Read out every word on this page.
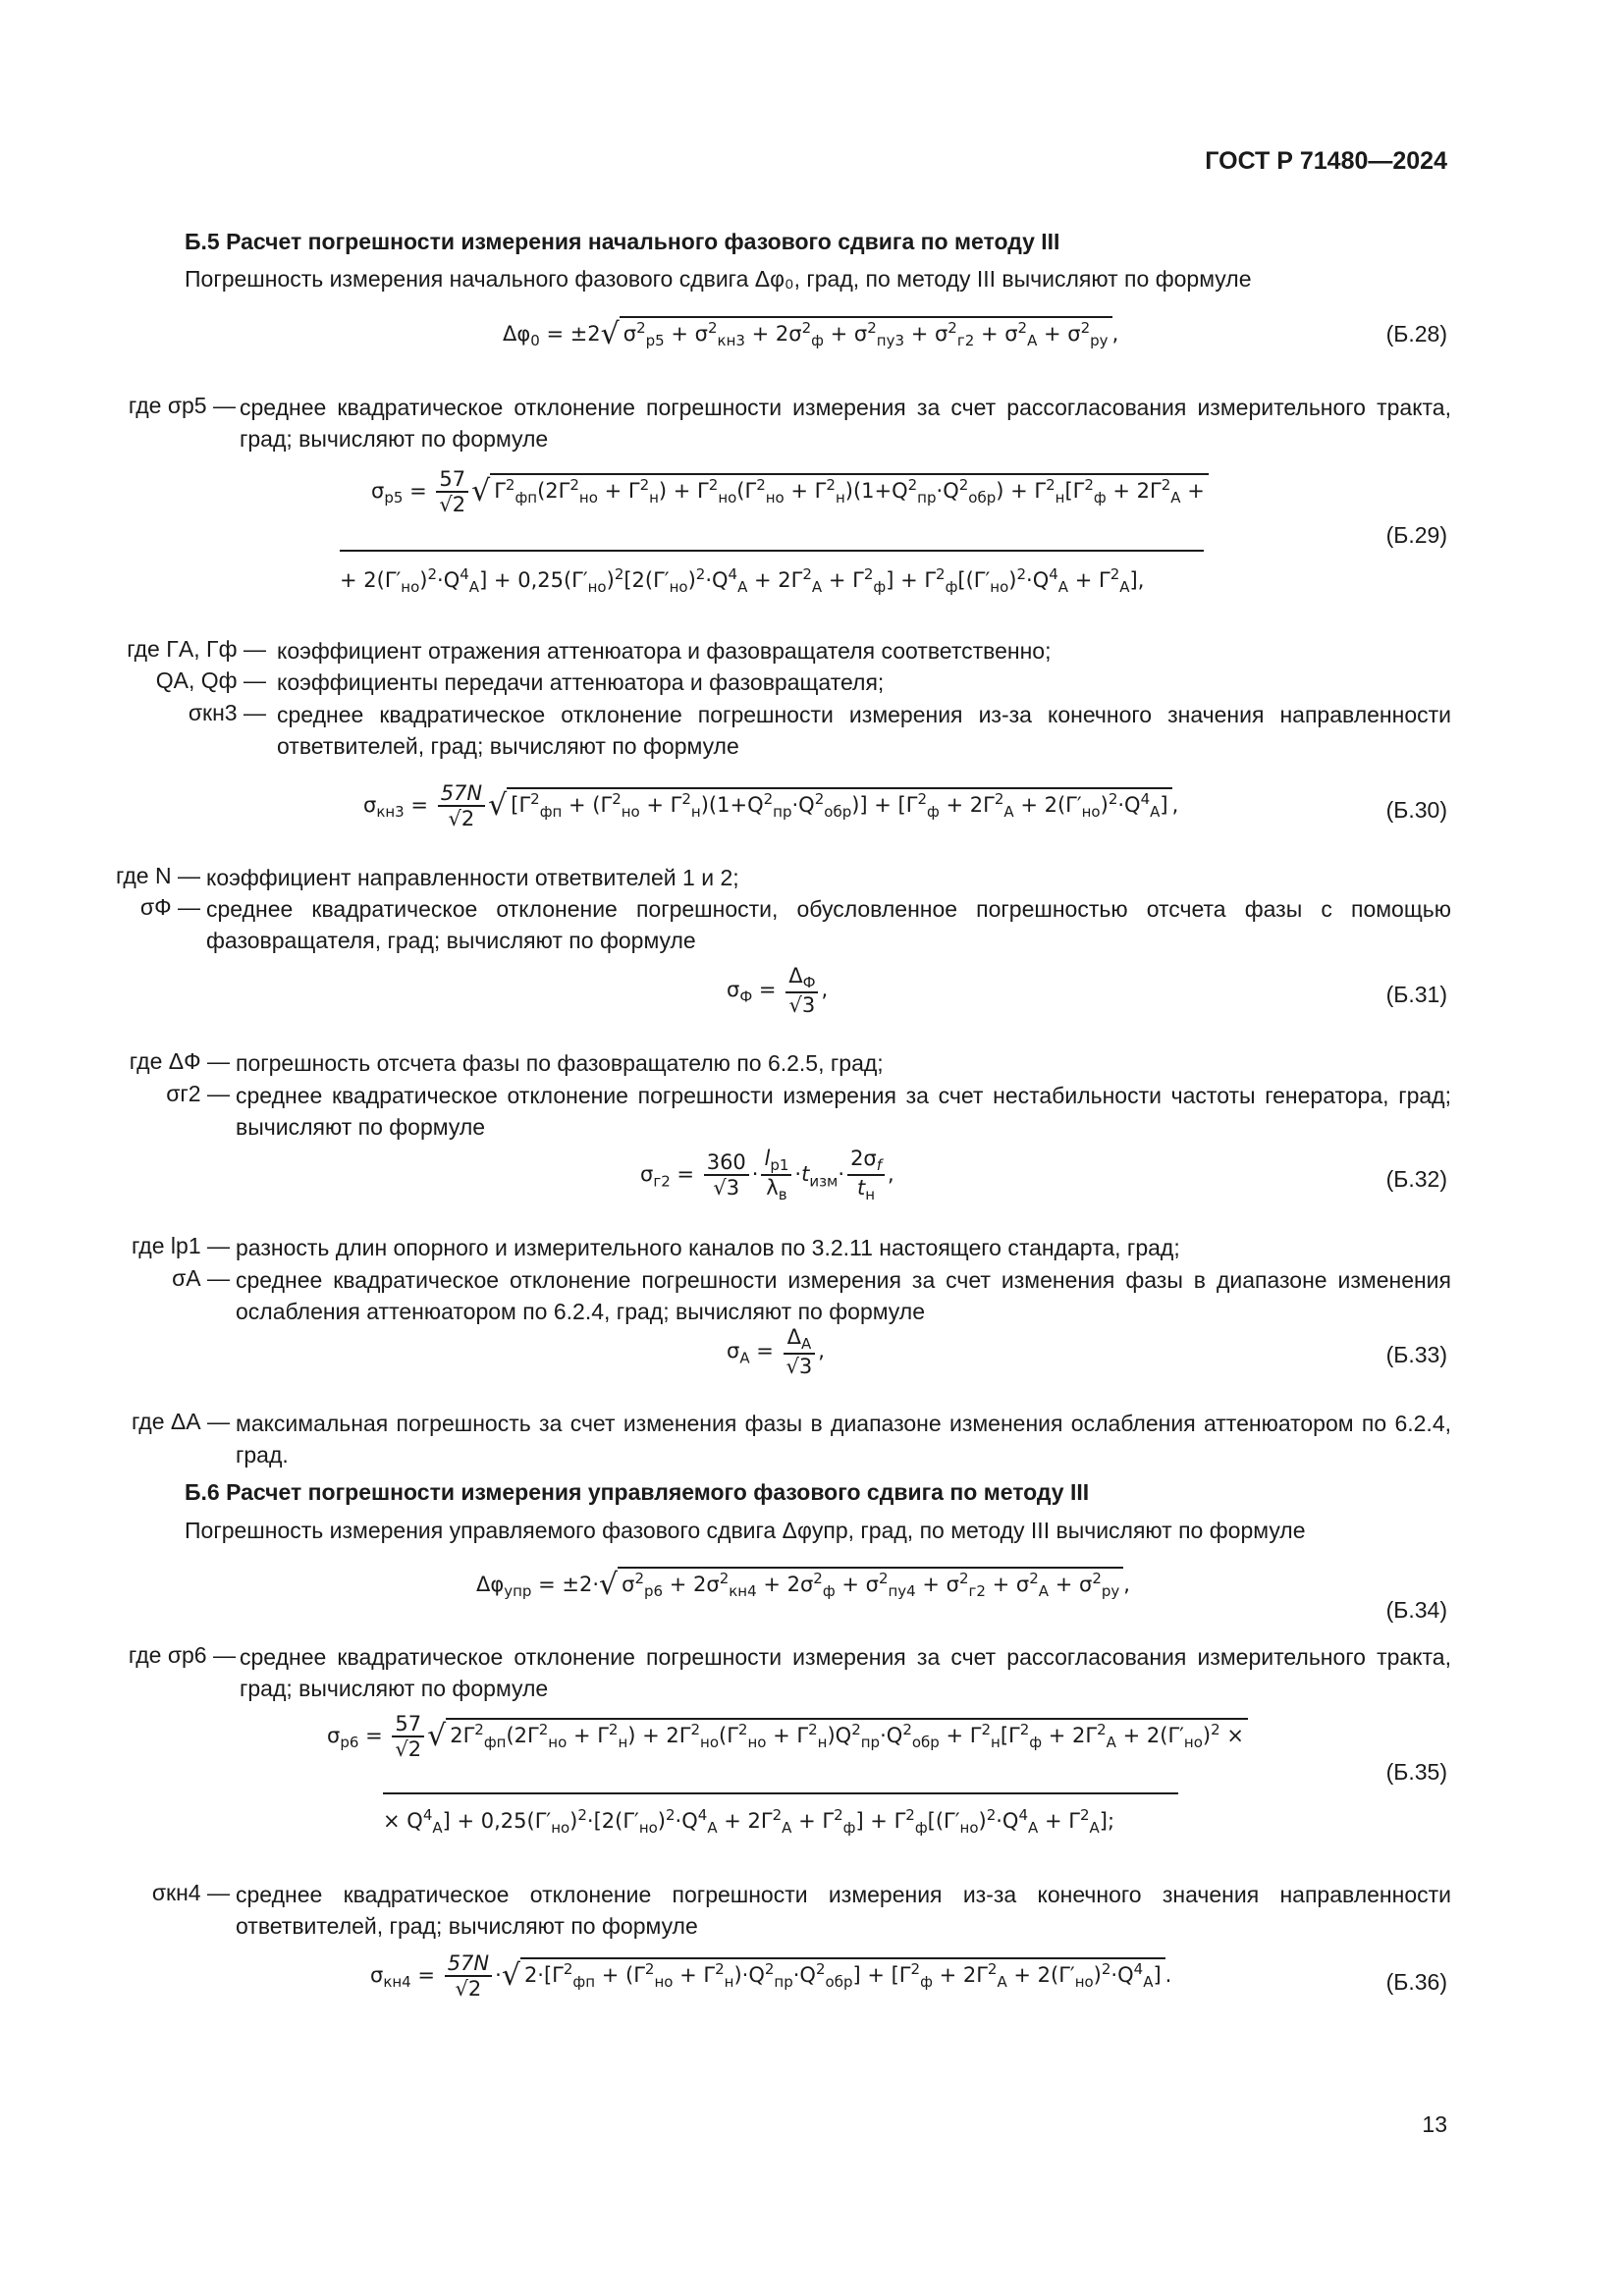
ГОСТ Р 71480—2024
Б.5 Расчет погрешности измерения начального фазового сдвига по методу III
Погрешность измерения начального фазового сдвига Δφ₀, град, по методу III вычисляют по формуле
$\Delta\varphi_0 = \pm 2√$ $\sigma^2_{р5} + \sigma^2_{кн3} + 2\sigma^2_ф + \sigma^2_{пу3} + \sigma^2_{г2} + \sigma^2_А + \sigma^2_{ру}$ ,	(Б.28)
где σр5 — среднее квадратическое отклонение погрешности измерения за счет рассогласования измерительного тракта, град; вычисляют по формуле
$\sigma_{р5} = \frac{57}{√2}$ √ $\Gamma^2_{фп}(2\Gamma^2_{но} + \Gamma^2_н) + \Gamma^2_{но}(\Gamma^2_{но} + \Gamma^2_н)(1+Q^2_{пр}\cdot Q^2_{обр}) + \Gamma^2_н[\Gamma^2_ф + 2\Gamma^2_А$ +
+ $2(\Gamma'_{но})^2\cdot Q^4_А] + 0,25(\Gamma'_{но})^2[2(\Gamma'_{но})^2\cdot Q^4_А + 2\Gamma^2_А + \Gamma^2_ф] + \Gamma^2_ф[(\Gamma'_{но})^2\cdot Q^4_А + \Gamma^2_А]$,
(Б.29)
где ΓА, Γф — коэффициент отражения аттенюатора и фазовращателя соответственно;
QА, Qф — коэффициенты передачи аттенюатора и фазовращателя;
σкн3 — среднее квадратическое отклонение погрешности измерения из-за конечного значения направленности ответвителей, град; вычисляют по формуле
$\sigma_{кн3} = \frac{57N}{√2}$ √ $[\Gamma^2_{фп} + (\Gamma^2_{но} + \Gamma^2_н)(1+Q^2_{пр}\cdot Q^2_{обр})] + [\Gamma^2_ф + 2\Gamma^2_А + 2(\Gamma'_{но})^2\cdot Q^4_А]$ ,	(Б.30)
где N — коэффициент направленности ответвителей 1 и 2;
σФ — среднее квадратическое отклонение погрешности, обусловленное погрешностью отсчета фазы с помощью фазовращателя, град; вычисляют по формуле
$\sigma_Ф = \frac{\Delta_Ф}{√3}$ ,	(Б.31)
где ΔФ — погрешность отсчета фазы по фазовращателю по 6.2.5, град;
σг2 — среднее квадратическое отклонение погрешности измерения за счет нестабильности частоты генератора, град; вычисляют по формуле
$\sigma_{г2} = \frac{360}{√3} \cdot \frac{l_{р1}}{\lambda_в} \cdot t_{изм}\cdot \frac{2\sigma_f}{t_н}$ ,	(Б.32)
где lр1 — разность длин опорного и измерительного каналов по 3.2.11 настоящего стандарта, град;
σА — среднее квадратическое отклонение погрешности измерения за счет изменения фазы в диапазоне изменения ослабления аттенюатором по 6.2.4, град; вычисляют по формуле
$\sigma_А = \frac{\Delta_А}{√3}$ ,	(Б.33)
где ΔА — максимальная погрешность за счет изменения фазы в диапазоне изменения ослабления аттенюатором по 6.2.4, град.
Б.6 Расчет погрешности измерения управляемого фазового сдвига по методу III
Погрешность измерения управляемого фазового сдвига Δφупр, град, по методу III вычисляют по формуле
$\Delta\varphi_{упр} = \pm 2\cdot√$ $\sigma^2_{р6} + 2\sigma^2_{кн4} + 2\sigma^2_ф + \sigma^2_{пу4} + \sigma^2_{г2} + \sigma^2_А + \sigma^2_{ру}$ ,
(Б.34)
где σр6 — среднее квадратическое отклонение погрешности измерения за счет рассогласования измерительного тракта, град; вычисляют по формуле
$\sigma_{р6} = \frac{57}{√2}$ √ $2\Gamma^2_{фп}(2\Gamma^2_{но} + \Gamma^2_н) + 2\Gamma^2_{но}(\Gamma^2_{но} + \Gamma^2_н)Q^2_{пр}\cdot Q^2_{обр} + \Gamma^2_н[\Gamma^2_ф + 2\Gamma^2_А + 2(\Gamma'_{но})^2$ ×
× $Q^4_А] + 0,25(\Gamma'_{но})^2\cdot[2(\Gamma'_{но})^2\cdot Q^4_А + 2\Gamma^2_А + \Gamma^2_ф] + \Gamma^2_ф[(\Gamma'_{но})^2\cdot Q^4_А + \Gamma^2_А]$;
(Б.35)
σкн4 — среднее квадратическое отклонение погрешности измерения из-за конечного значения направленности ответвителей, град; вычисляют по формуле
$\sigma_{кн4} = \frac{57N}{√2}$ ·√ $2\cdot[\Gamma^2_{фп} + (\Gamma^2_{но} + \Gamma^2_н)\cdot Q^2_{пр}\cdot Q^2_{обр}] + [\Gamma^2_ф + 2\Gamma^2_А + 2(\Gamma'_{но})^2\cdot Q^4_А]$ .	(Б.36)
13
